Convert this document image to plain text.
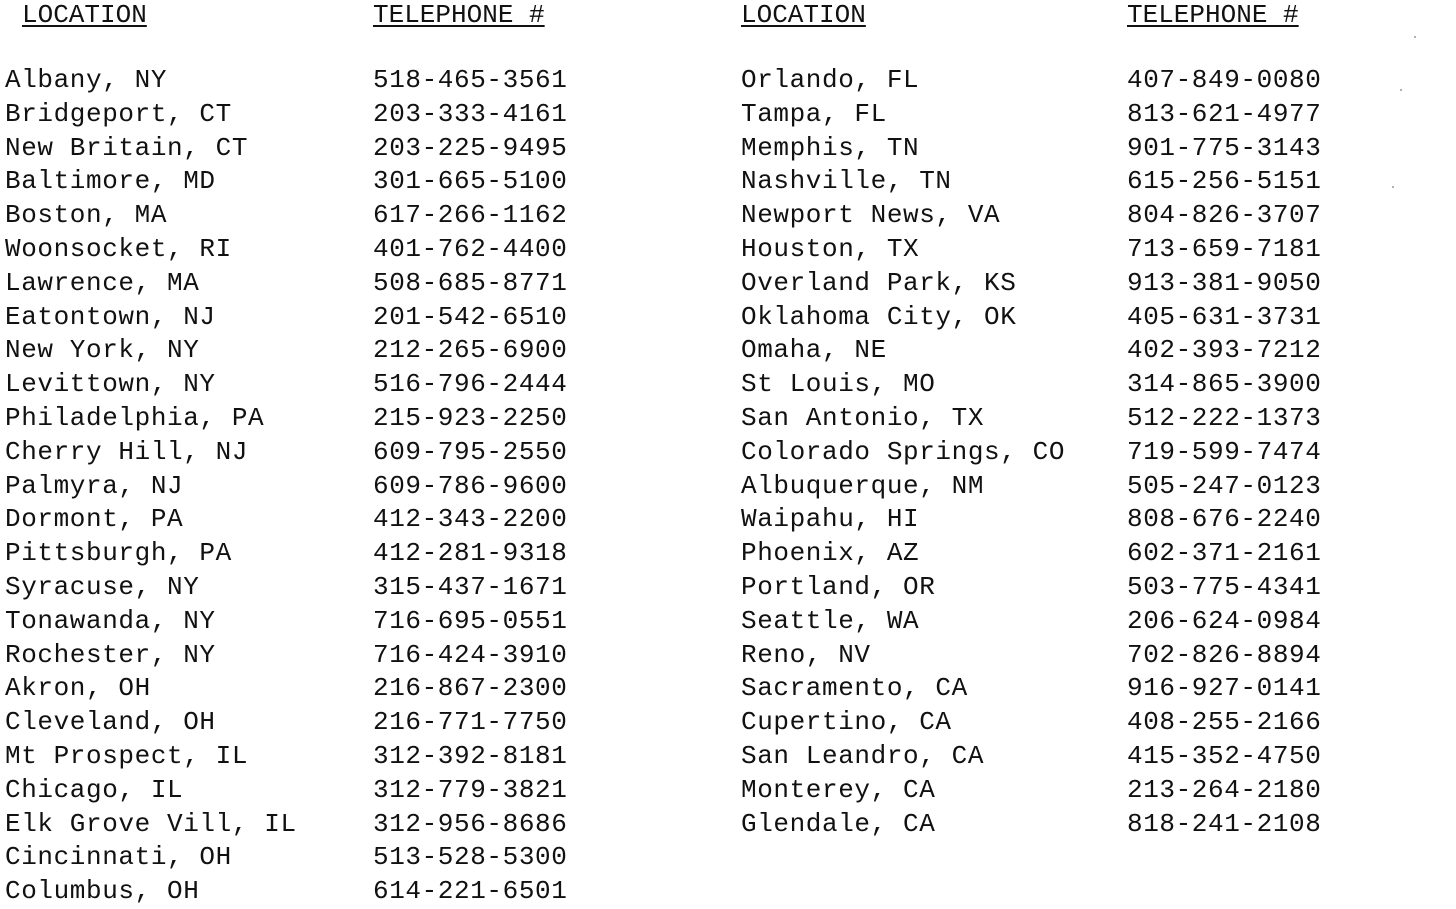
LOCATION	TELEPHONE #	LOCATION	TELEPHONE #
Albany, NY	518-465-3561
Bridgeport, CT	203-333-4161
New Britain, CT	203-225-9495
Baltimore, MD	301-665-5100
Boston, MA	617-266-1162
Woonsocket, RI	401-762-4400
Lawrence, MA	508-685-8771
Eatontown, NJ	201-542-6510
New York, NY	212-265-6900
Levittown, NY	516-796-2444
Philadelphia, PA	215-923-2250
Cherry Hill, NJ	609-795-2550
Palmyra, NJ	609-786-9600
Dormont, PA	412-343-2200
Pittsburgh, PA	412-281-9318
Syracuse, NY	315-437-1671
Tonawanda, NY	716-695-0551
Rochester, NY	716-424-3910
Akron, OH	216-867-2300
Cleveland, OH	216-771-7750
Mt Prospect, IL	312-392-8181
Chicago, IL	312-779-3821
Elk Grove Vill, IL	312-956-8686
Cincinnati, OH	513-528-5300
Columbus, OH	614-221-6501
Orlando, FL	407-849-0080
Tampa, FL	813-621-4977
Memphis, TN	901-775-3143
Nashville, TN	615-256-5151
Newport News, VA	804-826-3707
Houston, TX	713-659-7181
Overland Park, KS	913-381-9050
Oklahoma City, OK	405-631-3731
Omaha, NE	402-393-7212
St Louis, MO	314-865-3900
San Antonio, TX	512-222-1373
Colorado Springs, CO 719-599-7474
Albuquerque, NM	505-247-0123
Waipahu, HI	808-676-2240
Phoenix, AZ	602-371-2161
Portland, OR	503-775-4341
Seattle, WA	206-624-0984
Reno, NV	702-826-8894
Sacramento, CA	916-927-0141
Cupertino, CA	408-255-2166
San Leandro, CA	415-352-4750
Monterey, CA	213-264-2180
Glendale, CA	818-241-2108
